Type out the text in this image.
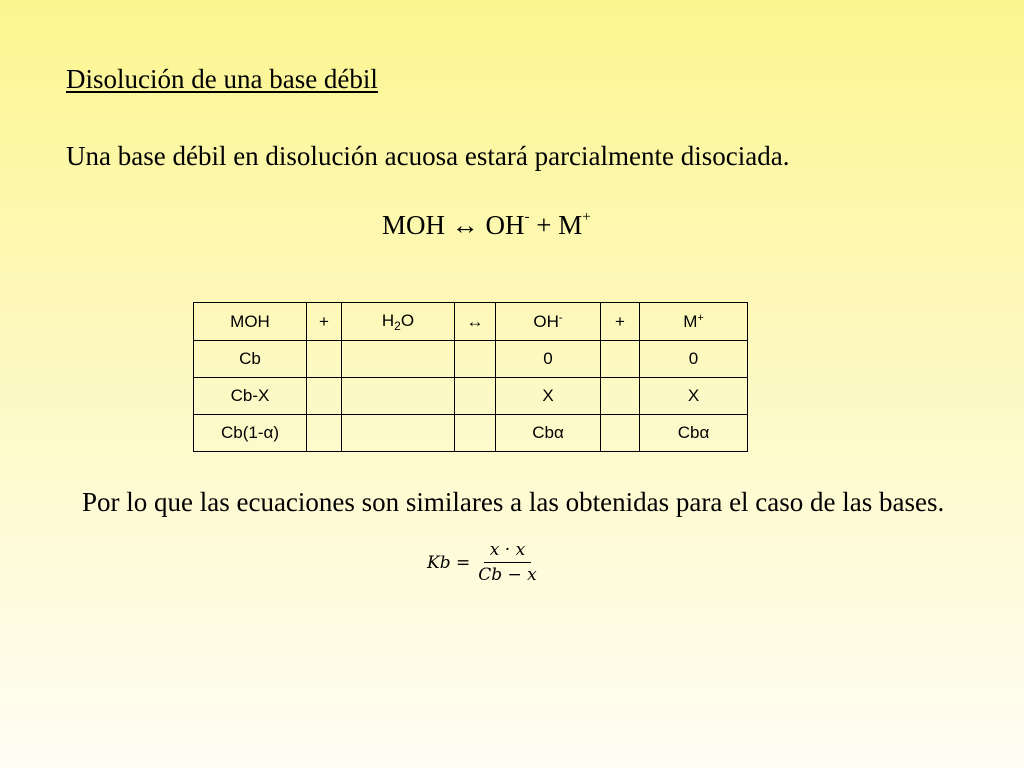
Disolución de una base débil
Una base débil en disolución acuosa estará parcialmente disociada.
MOH ↔ OH- + M+
MOH	+	$H_2O$	↔	OH-	+	M+
Cb				0		0
Cb-X				X		X
Cb(1-α)				Cbα		Cbα
Por lo que las ecuaciones son similares a las obtenidas para el caso de las bases.
$Kb = \frac{x \cdot x}{Cb - x}$
